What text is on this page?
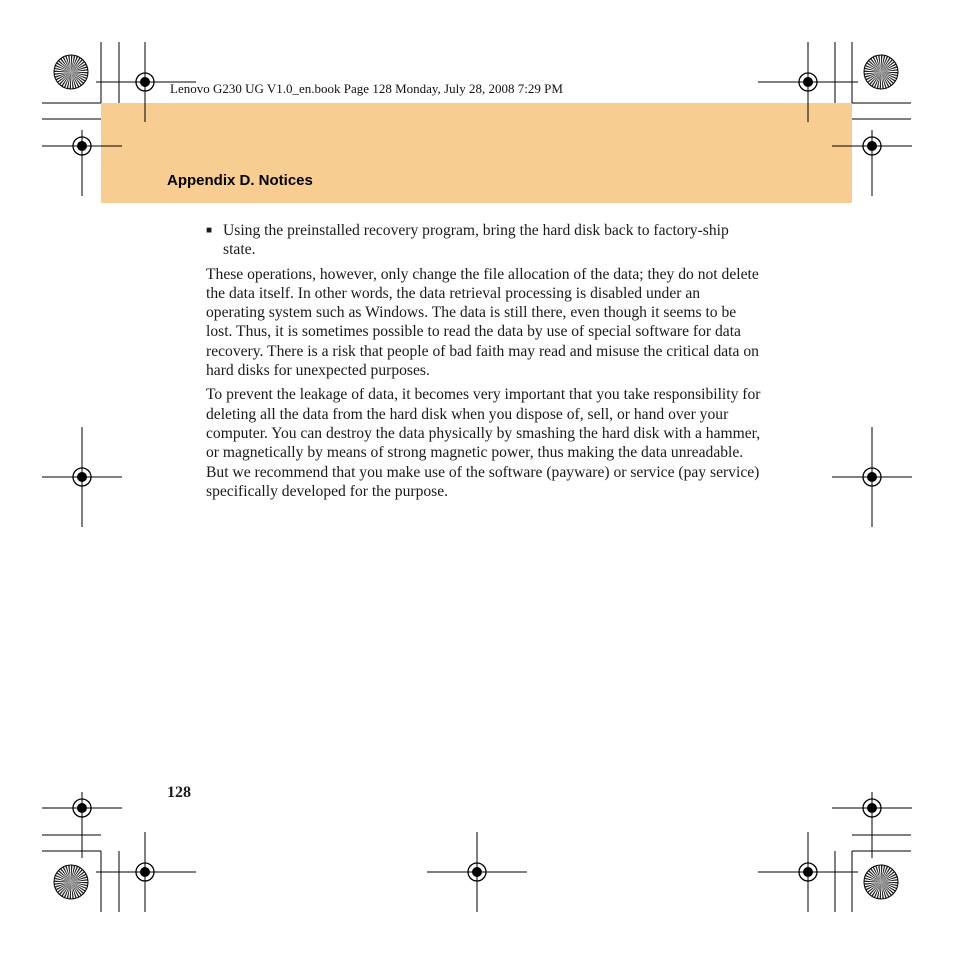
Lenovo G230 UG V1.0_en.book Page 128 Monday, July 28, 2008 7:29 PM
Appendix D. Notices
■ Using the preinstalled recovery program, bring the hard disk back to factory-ship state.

These operations, however, only change the file allocation of the data; they do not delete the data itself. In other words, the data retrieval processing is disabled under an operating system such as Windows. The data is still there, even though it seems to be lost. Thus, it is sometimes possible to read the data by use of special software for data recovery. There is a risk that people of bad faith may read and misuse the critical data on hard disks for unexpected purposes.

To prevent the leakage of data, it becomes very important that you take responsibility for deleting all the data from the hard disk when you dispose of, sell, or hand over your computer. You can destroy the data physically by smashing the hard disk with a hammer, or magnetically by means of strong magnetic power, thus making the data unreadable. But we recommend that you make use of the software (payware) or service (pay service) specifically developed for the purpose.

128
